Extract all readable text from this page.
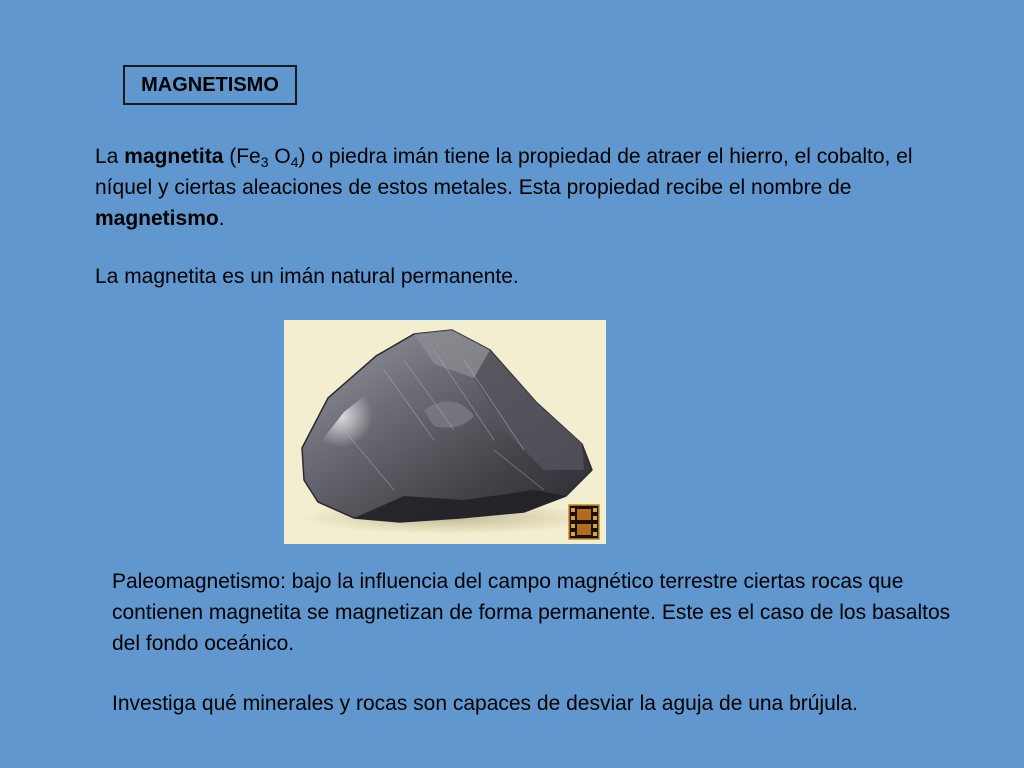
MAGNETISMO
La magnetita ($Fe_3$ $O_4$) o piedra imán tiene la propiedad de atraer el hierro, el cobalto, el níquel y ciertas aleaciones de estos metales. Esta propiedad recibe el nombre de magnetismo.
La magnetita es un imán natural permanente.
Paleomagnetismo: bajo la influencia del campo magnético terrestre ciertas rocas que contienen magnetita se magnetizan de forma permanente. Este es el caso de los basaltos del fondo oceánico.
Investiga qué minerales y rocas son capaces de desviar la aguja de una brújula.
